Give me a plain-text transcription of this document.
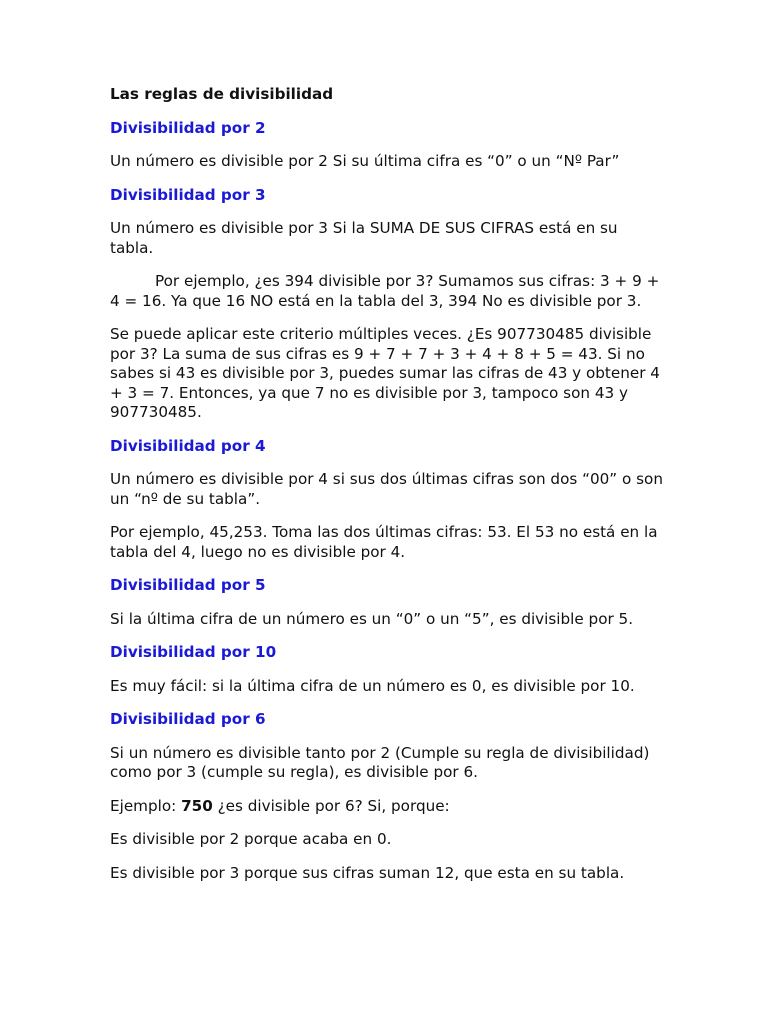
Las reglas de divisibilidad

Divisibilidad por 2

Un número es divisible por 2 Si su última cifra es “0” o un “Nº Par”

Divisibilidad por 3

Un número es divisible por 3 Si la SUMA DE SUS CIFRAS está en su tabla.

Por ejemplo, ¿es 394 divisible por 3? Sumamos sus cifras: 3 + 9 + 4 = 16. Ya que 16 NO está en la tabla del 3, 394 No es divisible por 3.

Se puede aplicar este criterio múltiples veces. ¿Es 907730485 divisible por 3? La suma de sus cifras es 9 + 7 + 7 + 3 + 4 + 8 + 5 = 43. Si no sabes si 43 es divisible por 3, puedes sumar las cifras de 43 y obtener 4 + 3 = 7. Entonces, ya que 7 no es divisible por 3, tampoco son 43 y 907730485.

Divisibilidad por 4

Un número es divisible por 4 si sus dos últimas cifras son dos “00” o son un “nº de su tabla”.

Por ejemplo, 45,253. Toma las dos últimas cifras: 53. El 53 no está en la tabla del 4, luego no es divisible por 4.

Divisibilidad por 5

Si la última cifra de un número es un “0” o un “5”, es divisible por 5.

Divisibilidad por 10

Es muy fácil: si la última cifra de un número es 0, es divisible por 10.

Divisibilidad por 6

Si un número es divisible tanto por 2 (Cumple su regla de divisibilidad) como por 3 (cumple su regla), es divisible por 6.

Ejemplo: 750 ¿es divisible por 6? Si, porque:

Es divisible por 2 porque acaba en 0.

Es divisible por 3 porque sus cifras suman 12, que esta en su tabla.
